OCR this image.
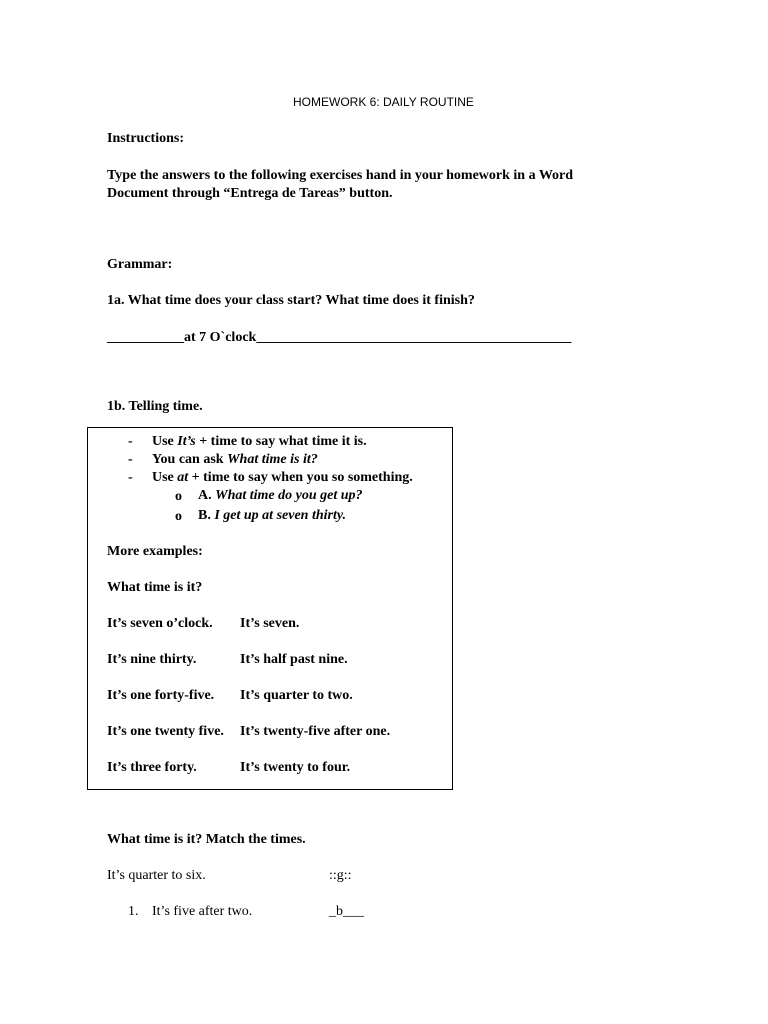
HOMEWORK 6: DAILY ROUTINE
Instructions:
Type the answers to the following exercises hand in your homework in a Word
Document through “Entrega de Tareas” button.
Grammar:
1a. What time does your class start? What time does it finish?
___________at 7 O`clock_____________________________________________
1b. Telling time.
- Use It’s + time to say what time it is.
- You can ask What time is it?
- Use at + time to say when you so something.
o A. What time do you get up?
o B. I get up at seven thirty.
More examples:
What time is it?
It’s seven o’clock. It’s seven.
It’s nine thirty.	It’s half past nine.
It’s one forty-five. It’s quarter to two.
It’s one twenty five. It’s twenty-five after one.
It’s three forty.	It’s twenty to four.
What time is it? Match the times.
It’s quarter to six.	::g::
1. It’s five after two.	_b___
